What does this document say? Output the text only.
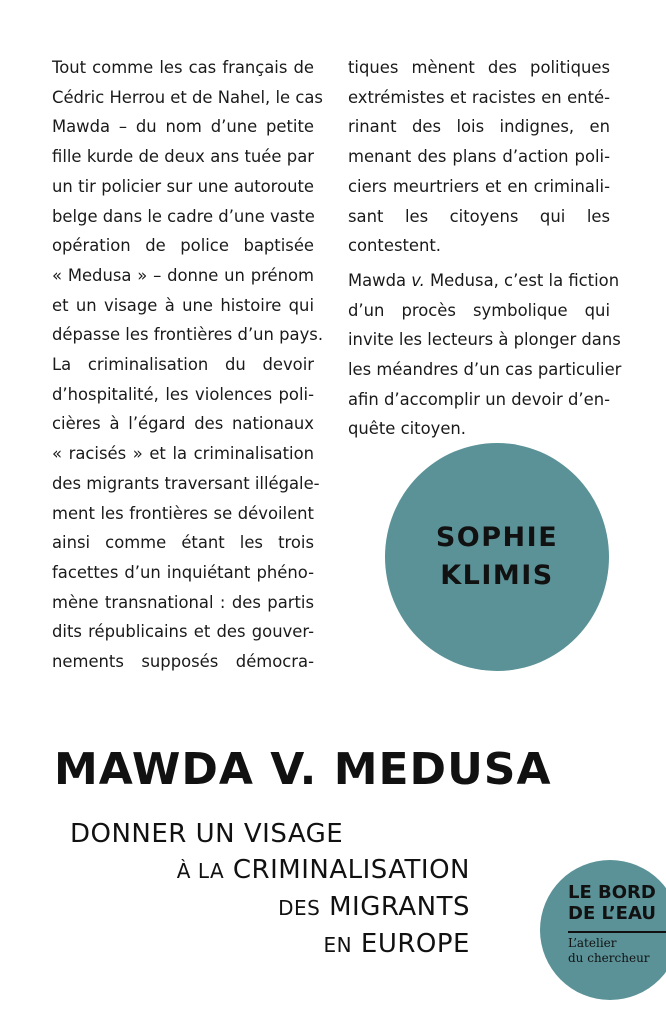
Tout comme les cas français de
Cédric Herrou et de Nahel, le cas
Mawda – du nom d’une petite
fille kurde de deux ans tuée par
un tir policier sur une autoroute
belge dans le cadre d’une vaste
opération de police baptisée
« Medusa » – donne un prénom
et un visage à une histoire qui
dépasse les frontières d’un pays.
La criminalisation du devoir
d’hospitalité, les violences poli-
cières à l’égard des nationaux
« racisés » et la criminalisation
des migrants traversant illégale-
ment les frontières se dévoilent
ainsi comme étant les trois
facettes d’un inquiétant phéno-
mène transnational : des partis
dits républicains et des gouver-
nements supposés démocra-
tiques mènent des politiques
extrémistes et racistes en enté-
rinant des lois indignes, en
menant des plans d’action poli-
ciers meurtriers et en criminali-
sant les citoyens qui les
contestent.
Mawda v. Medusa, c’est la fiction
d’un procès symbolique qui
invite les lecteurs à plonger dans
les méandres d’un cas particulier
afin d’accomplir un devoir d’en-
quête citoyen.
SOPHIE
KLIMIS
MAWDA V. MEDUSA
DONNER UN VISAGE
À LA CRIMINALISATION
DES MIGRANTS
EN EUROPE
LE BORD
DE L’EAU
L’atelier
du chercheur
